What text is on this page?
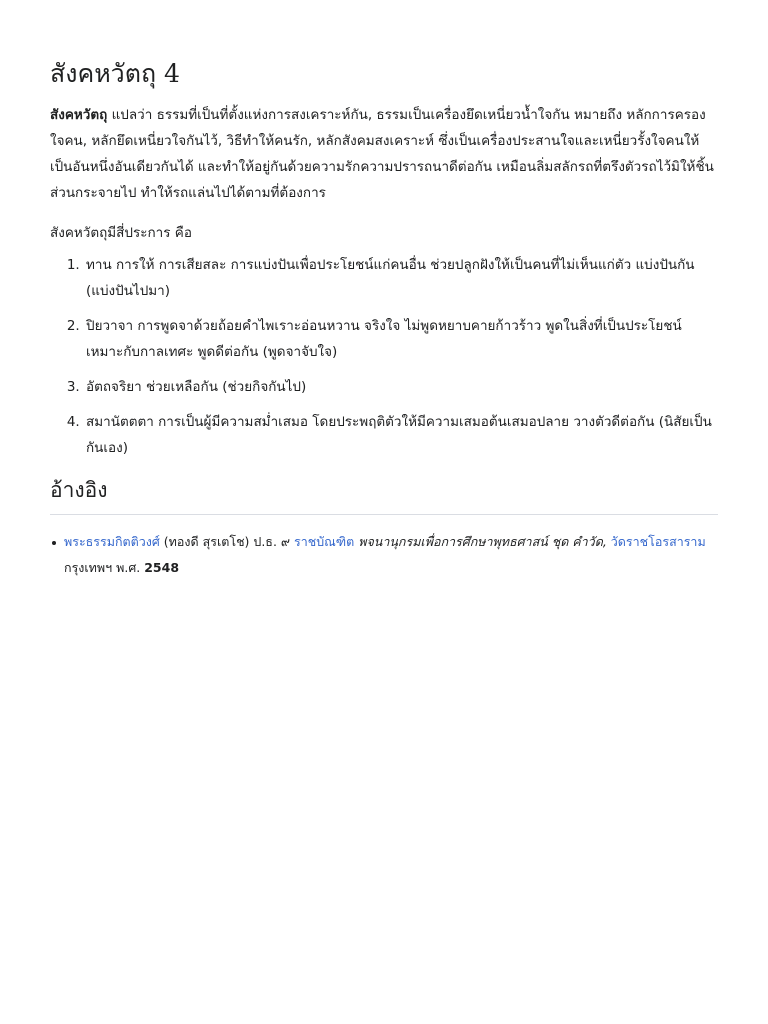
สังคหวัตถุ 4

สังคหวัตถุ แปลว่า ธรรมที่เป็นที่ตั้งแห่งการสงเคราะห์กัน, ธรรมเป็นเครื่องยึดเหนี่ยวน้ำใจกัน หมายถึง หลักการครองใจคน, หลักยึดเหนี่ยวใจกันไว้, วิธีทำให้คนรัก, หลักสังคมสงเคราะห์ ซึ่งเป็นเครื่องประสานใจและเหนี่ยวรั้งใจคนให้เป็นอันหนึ่งอันเดียวกันได้ และทำให้อยู่กันด้วยความรักความปรารถนาดีต่อกัน เหมือนลิ่มสลักรถที่ตรึงตัวรถไว้มิให้ชิ้นส่วนกระจายไป ทำให้รถแล่นไปได้ตามที่ต้องการ

สังคหวัตถุมีสี่ประการ คือ

1. ทาน การให้ การเสียสละ การแบ่งปันเพื่อประโยชน์แก่คนอื่น ช่วยปลูกฝังให้เป็นคนที่ไม่เห็นแก่ตัว แบ่งปันกัน (แบ่งปันไปมา)
2. ปิยวาจา การพูดจาด้วยถ้อยคำไพเราะอ่อนหวาน จริงใจ ไม่พูดหยาบคายก้าวร้าว พูดในสิ่งที่เป็นประโยชน์ เหมาะกับกาลเทศะ พูดดีต่อกัน (พูดจาจับใจ)
3. อัตถจริยา ช่วยเหลือกัน (ช่วยกิจกันไป)
4. สมานัตตตา การเป็นผู้มีความสม่ำเสมอ โดยประพฤติตัวให้มีความเสมอต้นเสมอปลาย วางตัวดีต่อกัน (นิสัยเป็นกันเอง)
อ้างอิง
พระธรรมกิตติวงศ์ (ทองดี สุรเตโช) ป.ธ. ๙ ราชบัณฑิต พจนานุกรมเพื่อการศึกษาพุทธศาสน์ ชุด คำวัด, วัดราชโอรสาราม กรุงเทพฯ พ.ศ. 2548
